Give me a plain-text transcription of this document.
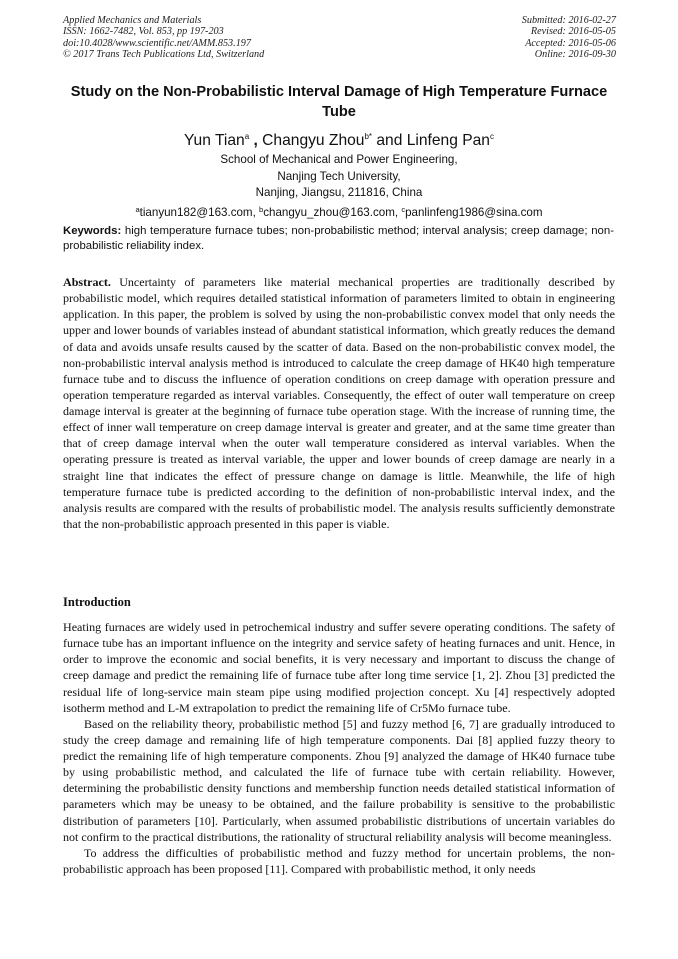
Applied Mechanics and Materials
ISSN: 1662-7482, Vol. 853, pp 197-203
doi:10.4028/www.scientific.net/AMM.853.197
© 2017 Trans Tech Publications Ltd, Switzerland
Submitted: 2016-02-27
Revised: 2016-05-05
Accepted: 2016-05-06
Online: 2016-09-30
Study on the Non-Probabilistic Interval Damage of High Temperature Furnace Tube
Yun Tian$^a$ , Changyu Zhou$^{b*}$ and Linfeng Pan$^c$
School of Mechanical and Power Engineering,
Nanjing Tech University,
Nanjing, Jiangsu, 211816, China
$^a$tianyun182@163.com, $^b$changyu_zhou@163.com, $^c$panlinfeng1986@sina.com
Keywords: high temperature furnace tubes; non-probabilistic method; interval analysis; creep damage; non-probabilistic reliability index.
Abstract. Uncertainty of parameters like material mechanical properties are traditionally described by probabilistic model, which requires detailed statistical information of parameters limited to obtain in engineering application. In this paper, the problem is solved by using the non-probabilistic convex model that only needs the upper and lower bounds of variables instead of abundant statistical information, which greatly reduces the demand of data and avoids unsafe results caused by the scatter of data. Based on the non-probabilistic convex model, the non-probabilistic interval analysis method is introduced to calculate the creep damage of HK40 high temperature furnace tube and to discuss the influence of operation conditions on creep damage with operation pressure and operation temperature regarded as interval variables. Consequently, the effect of outer wall temperature on creep damage interval is greater at the beginning of furnace tube operation stage. With the increase of running time, the effect of inner wall temperature on creep damage interval is greater and greater, and at the same time greater than that of creep damage interval when the outer wall temperature considered as interval variables. When the operating pressure is treated as interval variable, the upper and lower bounds of creep damage are nearly in a straight line that indicates the effect of pressure change on damage is little. Meanwhile, the life of high temperature furnace tube is predicted according to the definition of non-probabilistic interval index, and the analysis results are compared with the results of probabilistic model. The analysis results sufficiently demonstrate that the non-probabilistic approach presented in this paper is viable.
Introduction

Heating furnaces are widely used in petrochemical industry and suffer severe operating conditions. The safety of furnace tube has an important influence on the integrity and service safety of heating furnaces and unit. Hence, in order to improve the economic and social benefits, it is very necessary and important to discuss the change of creep damage and predict the remaining life of furnace tube after long time service [1, 2]. Zhou [3] predicted the residual life of long-service main steam pipe using modified projection concept. Xu [4] respectively adopted isotherm method and L-M extrapolation to predict the remaining life of Cr5Mo furnace tube.

Based on the reliability theory, probabilistic method [5] and fuzzy method [6, 7] are gradually introduced to study the creep damage and remaining life of high temperature components. Dai [8] applied fuzzy theory to predict the remaining life of high temperature components. Zhou [9] analyzed the damage of HK40 furnace tube by using probabilistic method, and calculated the life of furnace tube with certain reliability. However, determining the probabilistic density functions and membership function needs detailed statistical information of parameters which may be uneasy to be obtained, and the failure probability is sensitive to the probabilistic distribution of parameters [10]. Particularly, when assumed probabilistic distributions of uncertain variables do not confirm to the practical distributions, the rationality of structural reliability analysis will become meaningless.

To address the difficulties of probabilistic method and fuzzy method for uncertain problems, the non-probabilistic approach has been proposed [11]. Compared with probabilistic method, it only needs
